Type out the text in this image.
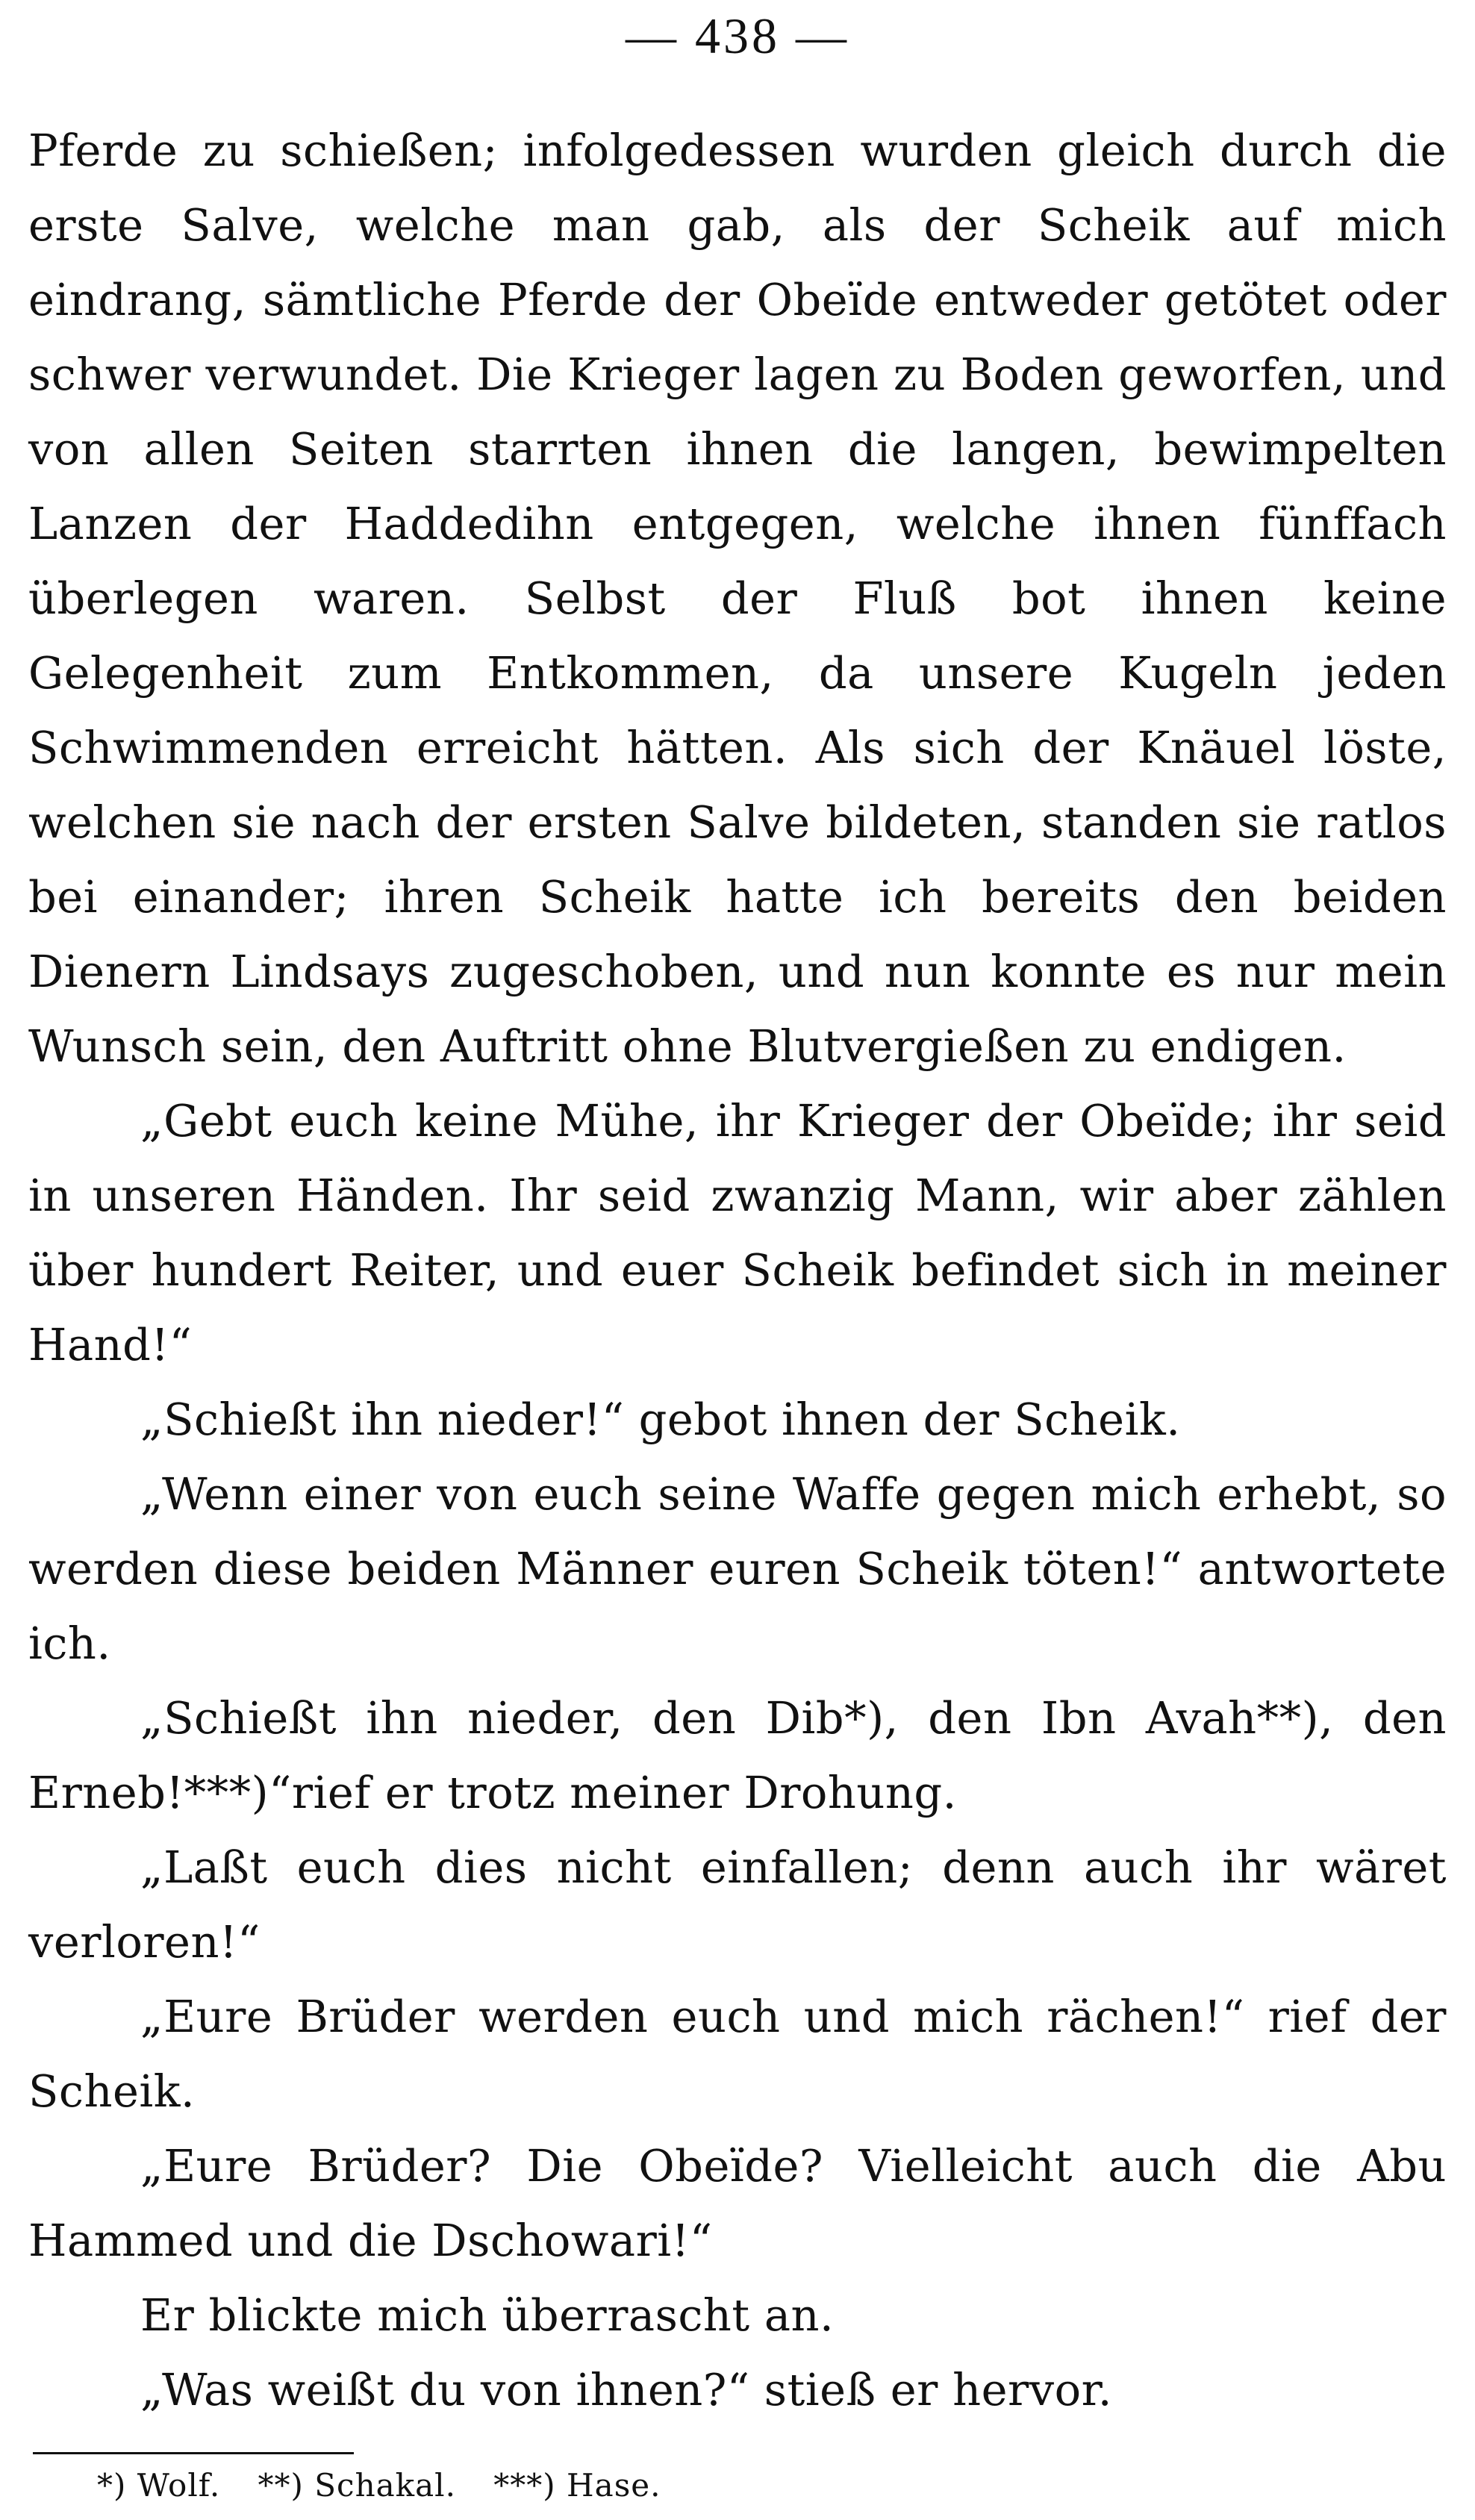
— 438 —

Pferde zu schießen; infolgedessen wurden gleich durch die erste Salve, welche man gab, als der Scheik auf mich eindrang, sämtliche Pferde der Obeïde entweder getötet oder schwer verwundet. Die Krieger lagen zu Boden geworfen, und von allen Seiten starrten ihnen die langen, bewimpelten Lanzen der Haddedihn entgegen, welche ihnen fünffach überlegen waren. Selbst der Fluß bot ihnen keine Gelegenheit zum Entkommen, da unsere Kugeln jeden Schwimmenden erreicht hätten. Als sich der Knäuel löste, welchen sie nach der ersten Salve bildeten, standen sie ratlos bei einander; ihren Scheik hatte ich bereits den beiden Dienern Lindsays zugeschoben, und nun konnte es nur mein Wunsch sein, den Auftritt ohne Blutvergießen zu endigen.

„Gebt euch keine Mühe, ihr Krieger der Obeïde; ihr seid in unseren Händen. Ihr seid zwanzig Mann, wir aber zählen über hundert Reiter, und euer Scheik befindet sich in meiner Hand!“

„Schießt ihn nieder!“ gebot ihnen der Scheik.

„Wenn einer von euch seine Waffe gegen mich erhebt, so werden diese beiden Männer euren Scheik töten!“ antwortete ich.

„Schießt ihn nieder, den Dib*), den Ibn Avah**), den Erneb!***)“rief er trotz meiner Drohung.

„Laßt euch dies nicht einfallen; denn auch ihr wäret verloren!“

„Eure Brüder werden euch und mich rächen!“ rief der Scheik.

„Eure Brüder? Die Obeïde? Vielleicht auch die Abu Hammed und die Dschowari!“

Er blickte mich überrascht an.

„Was weißt du von ihnen?“ stieß er hervor.

*) Wolf. **) Schakal. ***) Hase.
